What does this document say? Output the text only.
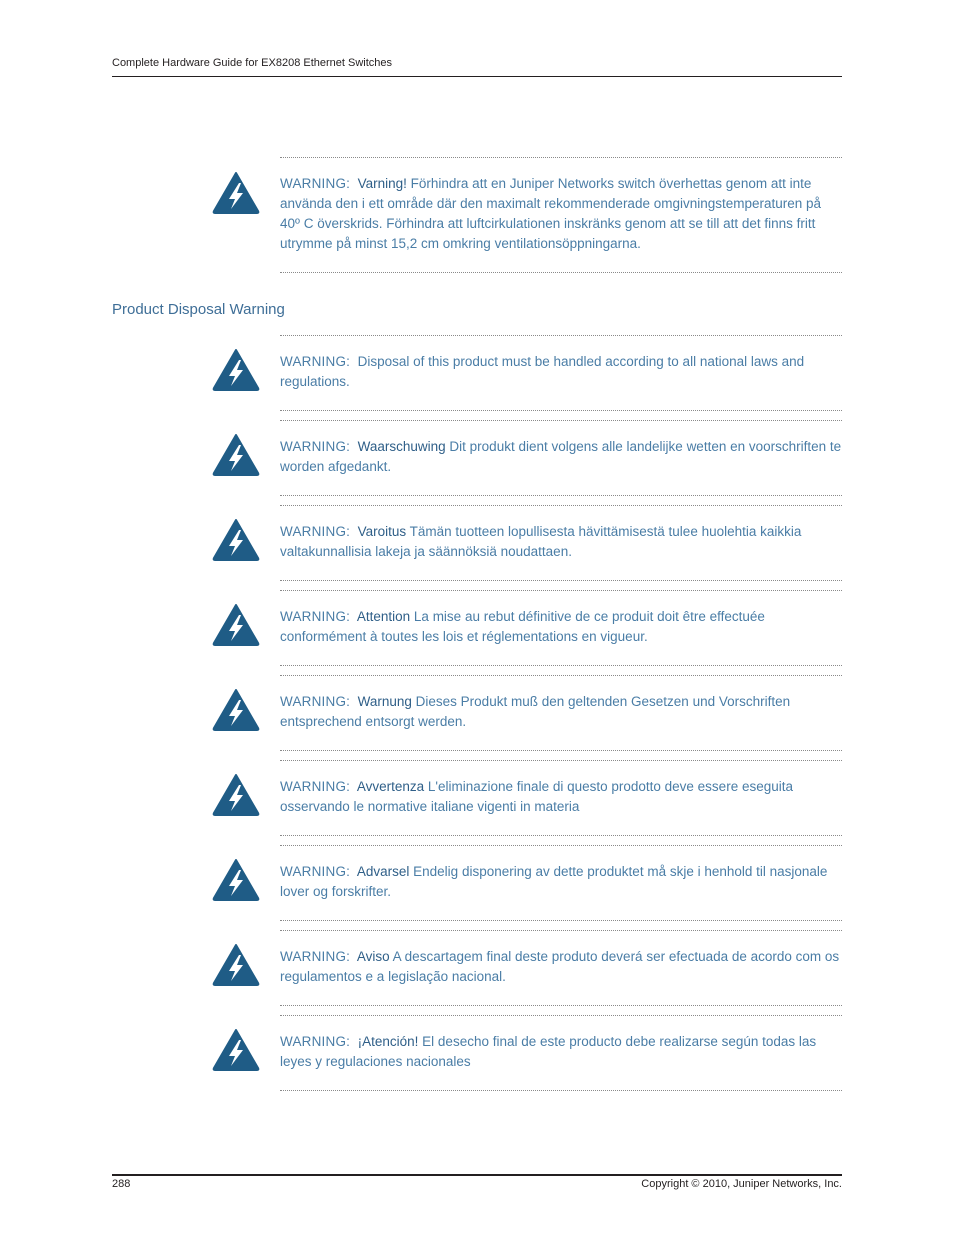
Complete Hardware Guide for EX8208 Ethernet Switches
Product Disposal Warning
WARNING: Varning! Förhindra att en Juniper Networks switch överhettas genom att inte använda den i ett område där den maximalt rekommenderade omgivningstemperaturen på 40º C överskrids. Förhindra att luftcirkulationen inskränks genom att se till att det finns fritt utrymme på minst 15,2 cm omkring ventilationsöppningarna.
WARNING: Disposal of this product must be handled according to all national laws and regulations.
WARNING: Waarschuwing Dit produkt dient volgens alle landelijke wetten en voorschriften te worden afgedankt.
WARNING: Varoitus Tämän tuotteen lopullisesta hävittämisestä tulee huolehtia kaikkia valtakunnallisia lakeja ja säännöksiä noudattaen.
WARNING: Attention La mise au rebut définitive de ce produit doit être effectuée conformément à toutes les lois et réglementations en vigueur.
WARNING: Warnung Dieses Produkt muß den geltenden Gesetzen und Vorschriften entsprechend entsorgt werden.
WARNING: Avvertenza L'eliminazione finale di questo prodotto deve essere eseguita osservando le normative italiane vigenti in materia
WARNING: Advarsel Endelig disponering av dette produktet må skje i henhold til nasjonale lover og forskrifter.
WARNING: Aviso A descartagem final deste produto deverá ser efectuada de acordo com os regulamentos e a legislação nacional.
WARNING: ¡Atención! El desecho final de este producto debe realizarse según todas las leyes y regulaciones nacionales
288	Copyright © 2010, Juniper Networks, Inc.
